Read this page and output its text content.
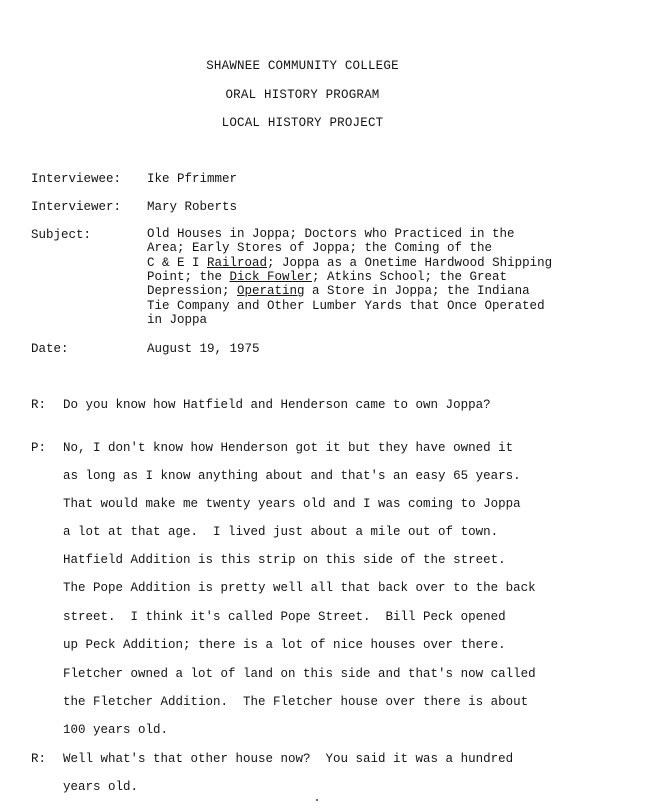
SHAWNEE COMMUNITY COLLEGE
ORAL HISTORY PROGRAM
LOCAL HISTORY PROJECT
Interviewee: Ike Pfrimmer
Interviewer: Mary Roberts
Subject:	Old Houses in Joppa; Doctors who Practiced in the
Area; Early Stores of Joppa; the Coming of the
C & E I Railroad; Joppa as a Onetime Hardwood Shipping
Point; the Dick Fowler; Atkins School; the Great
Depression; Operating a Store in Joppa; the Indiana
Tie Company and Other Lumber Yards that Once Operated
in Joppa
Date:	August 19, 1975
R: Do you know how Hatfield and Henderson came to own Joppa?
P: No, I don't know how Henderson got it but they have owned it
as long as I know anything about and that's an easy 65 years.
That would make me twenty years old and I was coming to Joppa
a lot at that age.  I lived just about a mile out of town.
Hatfield Addition is this strip on this side of the street.
The Pope Addition is pretty well all that back over to the back
street.  I think it's called Pope Street.  Bill Peck opened
up Peck Addition; there is a lot of nice houses over there.
Fletcher owned a lot of land on this side and that's now called
the Fletcher Addition.  The Fletcher house over there is about
100 years old.
R: Well what's that other house now?  You said it was a hundred
years old.
